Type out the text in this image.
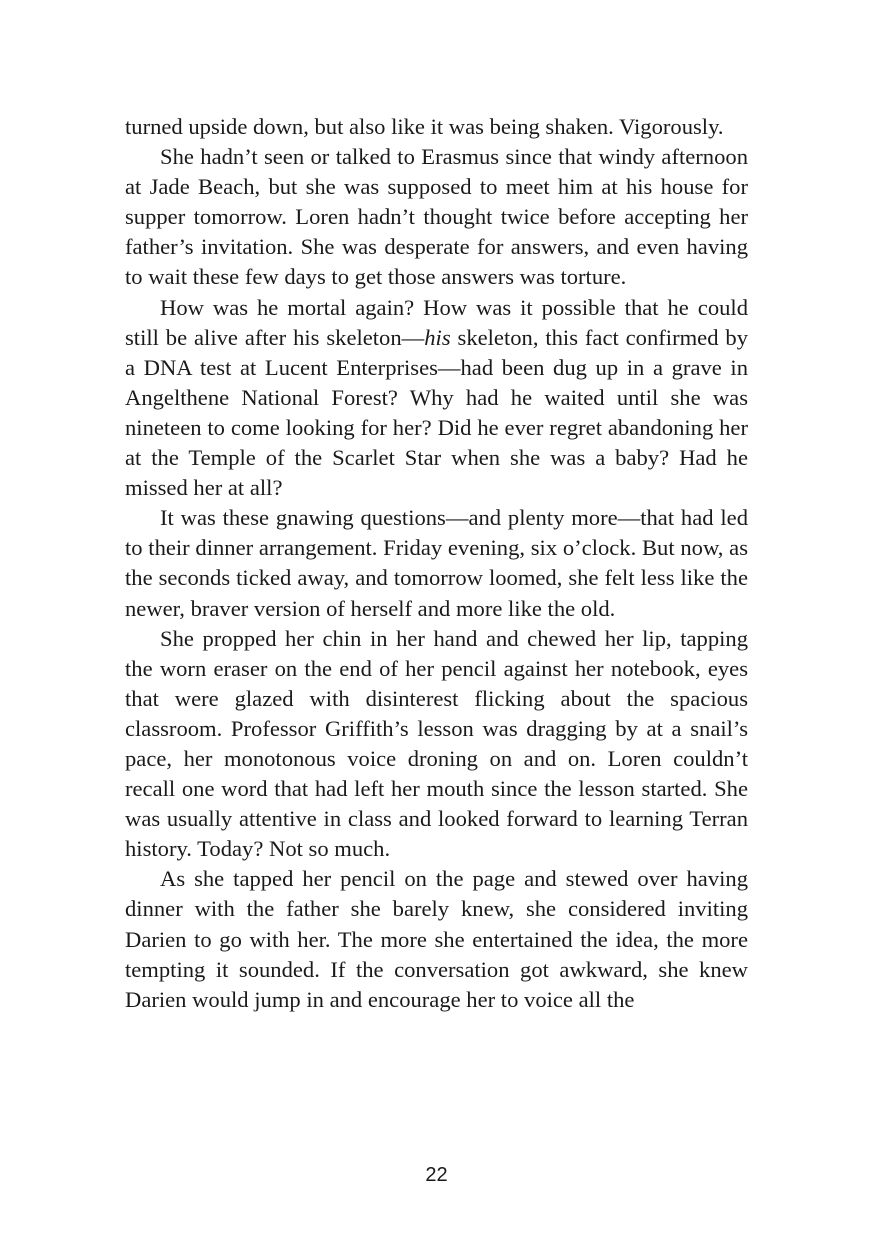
turned upside down, but also like it was being shaken. Vigorously.

She hadn’t seen or talked to Erasmus since that windy afternoon at Jade Beach, but she was supposed to meet him at his house for supper tomorrow. Loren hadn’t thought twice before accepting her father’s invitation. She was desperate for answers, and even having to wait these few days to get those answers was torture.

How was he mortal again? How was it possible that he could still be alive after his skeleton—his skeleton, this fact confirmed by a DNA test at Lucent Enterprises—had been dug up in a grave in Angelthene National Forest? Why had he waited until she was nineteen to come looking for her? Did he ever regret abandoning her at the Temple of the Scarlet Star when she was a baby? Had he missed her at all?

It was these gnawing questions—and plenty more—that had led to their dinner arrangement. Friday evening, six o’clock. But now, as the seconds ticked away, and tomorrow loomed, she felt less like the newer, braver version of herself and more like the old.

She propped her chin in her hand and chewed her lip, tapping the worn eraser on the end of her pencil against her notebook, eyes that were glazed with disinterest flicking about the spacious classroom. Professor Griffith’s lesson was dragging by at a snail’s pace, her monotonous voice droning on and on. Loren couldn’t recall one word that had left her mouth since the lesson started. She was usually attentive in class and looked forward to learning Terran history. Today? Not so much.

As she tapped her pencil on the page and stewed over having dinner with the father she barely knew, she considered inviting Darien to go with her. The more she entertained the idea, the more tempting it sounded. If the conversation got awkward, she knew Darien would jump in and encourage her to voice all the

22
